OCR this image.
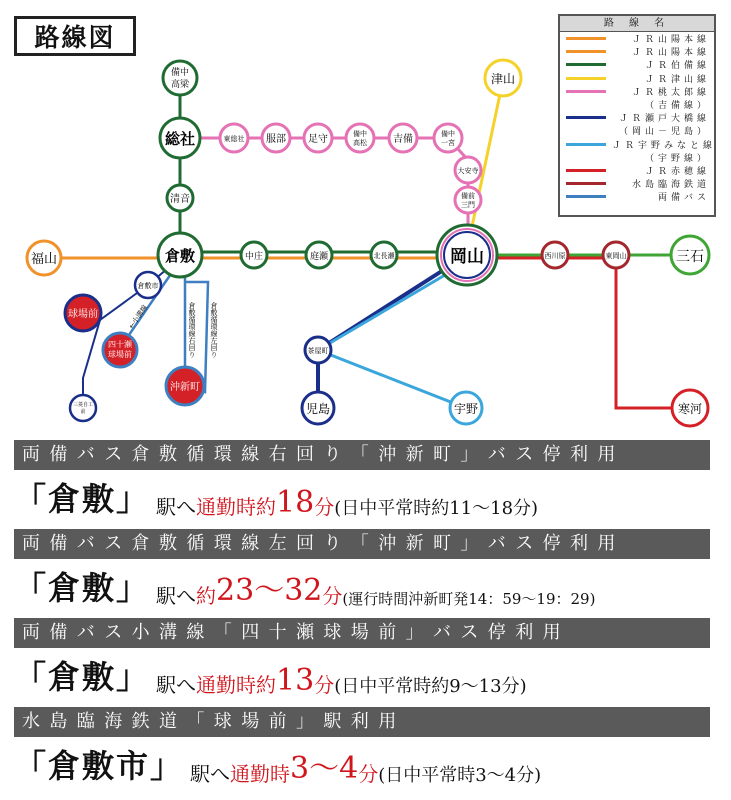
路線図
備中
高梁
総社
清音
倉敷
福山	中庄	庭瀬	北長瀬	岡山	西川原	東岡山	三石
津山
東総社 服部 足守	備中
高松	吉備	備中
一宮
大安寺
備前
三門
倉敷市
球場前
四十瀬
球場前
沖新町
三菱自工
前
茶屋町
児島	宇野	寒河
←小溝線	倉敷循環線右回り 倉敷循環線左回り
路 線 名
ＪＲ山陽本線
ＪＲ山陽本線
ＪＲ伯備線
ＪＲ津山線
ＪＲ桃太郎線
（吉備線）
ＪＲ瀬戸大橋線
（岡山－児島）
ＪＲ宇野みなと線
（宇野線）
ＪＲ赤穂線
水島臨海鉄道
両備バス
両備バス倉敷循環線右回り「沖新町」バス停利用
「倉敷」 駅へ 通勤時約 18 分 (日中平常時約11～18分)
両備バス倉敷循環線左回り「沖新町」バス停利用
「倉敷」 駅へ 約 23～32 分 (運行時間沖新町発14：59～19：29)
両備バス小溝線「四十瀬球場前」バス停利用
「倉敷」 駅へ 通勤時約 13 分 (日中平常時約9～13分)
水島臨海鉄道「球場前」駅利用
「倉敷市」 駅へ 通勤時 3～4 分 (日中平常時3～4分)
